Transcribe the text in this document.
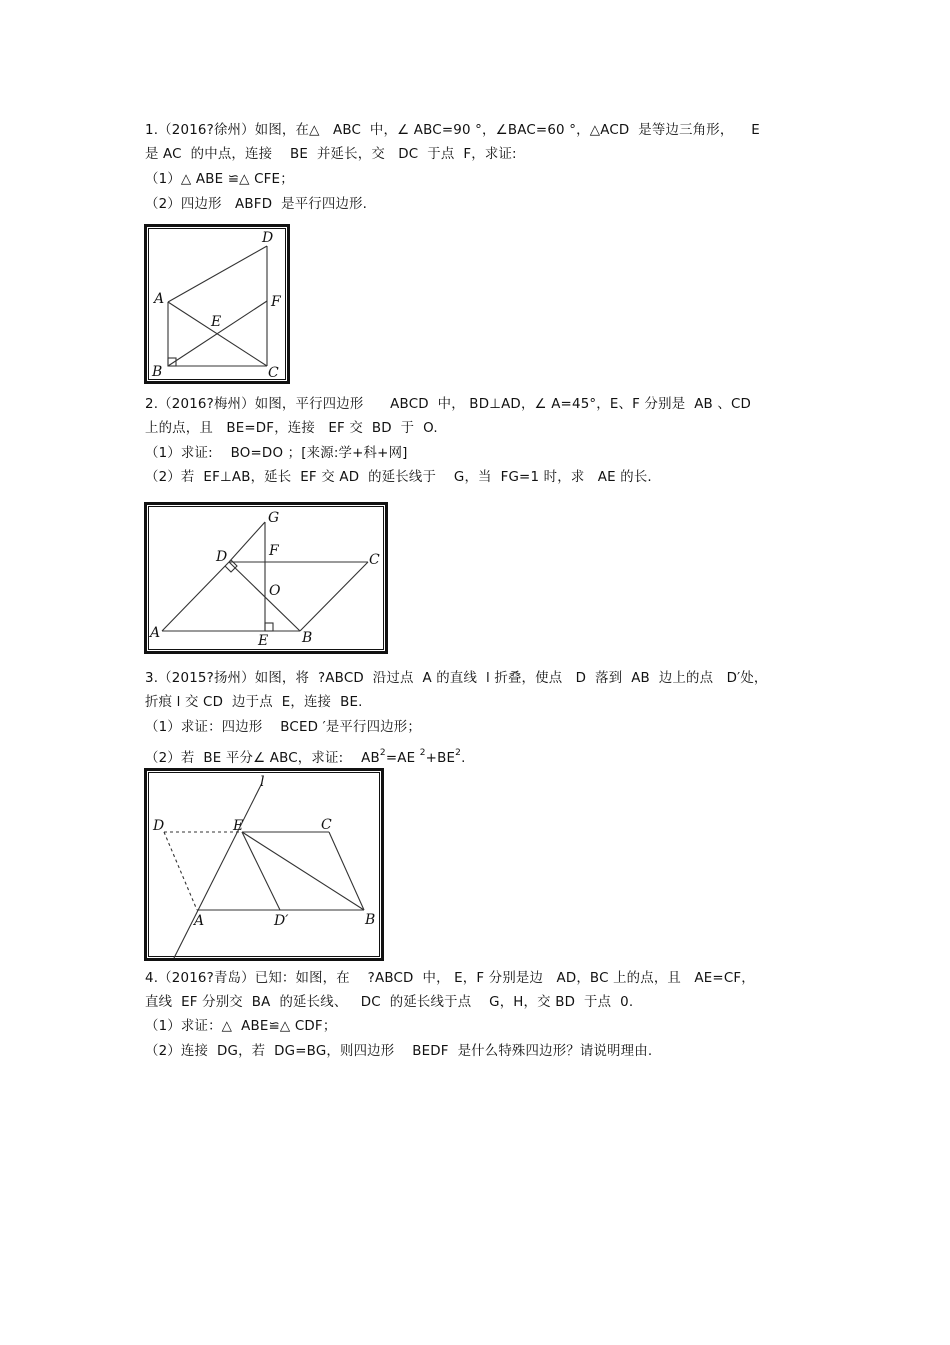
1.（2016?徐州）如图，在△   ABC  中，∠ ABC=90 °，∠BAC=60 °，△ACD  是等边三角形，    E
是 AC  的中点，连接    BE  并延长，交   DC  于点  F，求证:
（1）△ ABE ≌△ CFE；
（2）四边形   ABFD  是平行四边形.
D
A	F
E
B	C
2.（2016?梅州）如图，平行四边形      ABCD  中， BD⊥AD，∠ A=45°，E、F 分别是  AB 、CD
上的点，且   BE=DF，连接   EF 交  BD  于  O.
（1）求证:    BO=DO ；[来源:学+科+网]
（2）若  EF⊥AB，延长  EF 交 AD  的延长线于    G，当  FG=1 时，求   AE 的长.
G
D	F
C
O
A	E B
3.（2015?扬州）如图，将  ?ABCD  沿过点  A 的直线  l 折叠，使点   D  落到  AB  边上的点   D′处，
折痕 l 交 CD  边于点  E，连接  BE.
（1）求证：四边形    BCED ′是平行四边形；
（2）若  BE 平分∠ ABC，求证:    $AB^2=AE$ $^2+BE^2$.
l
D	E	C
A	D′	B
4.（2016?青岛）已知：如图，在    ?ABCD  中， E，F 分别是边   AD，BC 上的点，且   AE=CF，
直线  EF 分别交  BA  的延长线、   DC  的延长线于点    G，H，交 BD  于点  0.
（1）求证：△  ABE≌△ CDF；
（2）连接  DG，若  DG=BG，则四边形    BEDF  是什么特殊四边形？请说明理由.
